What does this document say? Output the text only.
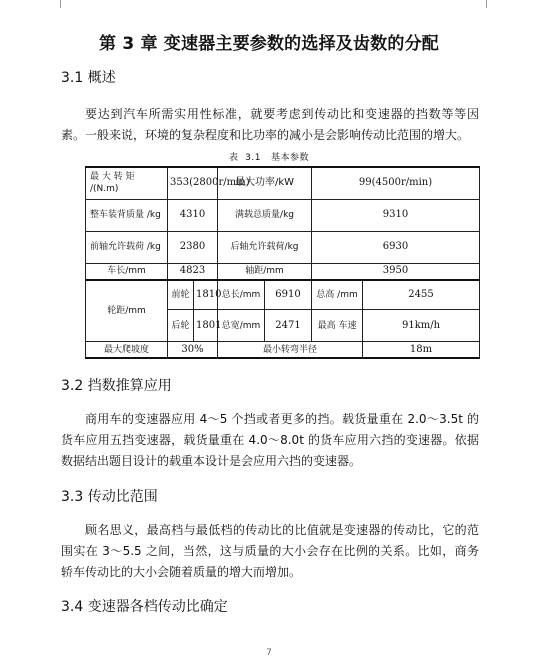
第 3 章 变速器主要参数的选择及齿数的分配
3.1 概述
要达到汽车所需实用性标准，就要考虑到传动比和变速器的挡数等等因素。一般来说，环境的复杂程度和比功率的减小是会影响传动比范围的增大。
表  3.1   基本参数
最 大 转 矩 /(N.m)	353(2800r/min)		最大功率/kW		99(4500r/min)	
整车装背质量 /kg	4310		满载总质量/kg		9310	
前轴允许载荷 /kg	2380		后轴允许载荷/kg		6930	
车长/mm	4823		轴距/mm		3950	
轮距/mm	前轮	1810	总长/mm	6910	总高 /mm	2455
	后轮	1801	总宽/mm	2471	最高 车速	91km/h
最大爬坡度	30%		最小转弯半径			18m
3.2 挡数推算应用
商用车的变速器应用 4～5 个挡或者更多的挡。载货量重在 2.0～3.5t 的货车应用五挡变速器，载货量重在 4.0～8.0t 的货车应用六挡的变速器。依据数据结出题目设计的载重本设计是会应用六挡的变速器。
3.3 传动比范围
顾名思义，最高档与最低档的传动比的比值就是变速器的传动比，它的范围实在 3～5.5 之间，当然，这与质量的大小会存在比例的关系。比如，商务轿车传动比的大小会随着质量的增大而增加。
3.4 变速器各档传动比确定
7
